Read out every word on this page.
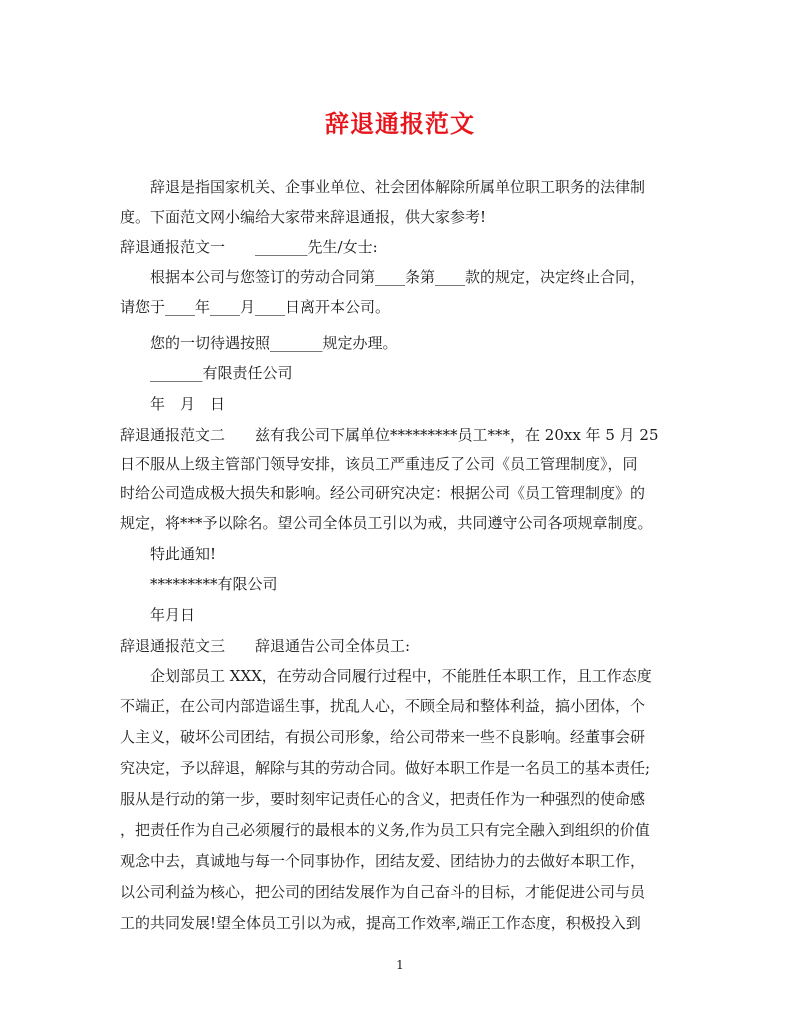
辞退通报范文
辞退是指国家机关、企事业单位、社会团体解除所属单位职工职务的法律制
度。下面范文网小编给大家带来辞退通报，供大家参考!
辞退通报范文一 _______先生/女士:
根据本公司与您签订的劳动合同第____条第____款的规定，决定终止合同，
请您于____年____月____日离开本公司。
您的一切待遇按照_______规定办理。
_______有限责任公司
年　月　日
辞退通报范文二 兹有我公司下属单位*********员工***，在 20xx 年 5 月 25
日不服从上级主管部门领导安排，该员工严重违反了公司《员工管理制度》，同
时给公司造成极大损失和影响。经公司研究决定：根据公司《员工管理制度》的
规定，将***予以除名。望公司全体员工引以为戒，共同遵守公司各项规章制度。
特此通知!
*********有限公司
年月日
辞退通报范文三 辞退通告公司全体员工:
企划部员工 XXX，在劳动合同履行过程中，不能胜任本职工作，且工作态度
不端正，在公司内部造谣生事，扰乱人心，不顾全局和整体利益，搞小团体，个
人主义，破坏公司团结，有损公司形象，给公司带来一些不良影响。经董事会研
究决定，予以辞退，解除与其的劳动合同。做好本职工作是一名员工的基本责任;
服从是行动的第一步，要时刻牢记责任心的含义，把责任作为一种强烈的使命感
，把责任作为自己必须履行的最根本的义务,作为员工只有完全融入到组织的价值
观念中去，真诚地与每一个同事协作，团结友爱、团结协力的去做好本职工作，
以公司利益为核心，把公司的团结发展作为自己奋斗的目标，才能促进公司与员
工的共同发展!望全体员工引以为戒，提高工作效率,端正工作态度，积极投入到
1
